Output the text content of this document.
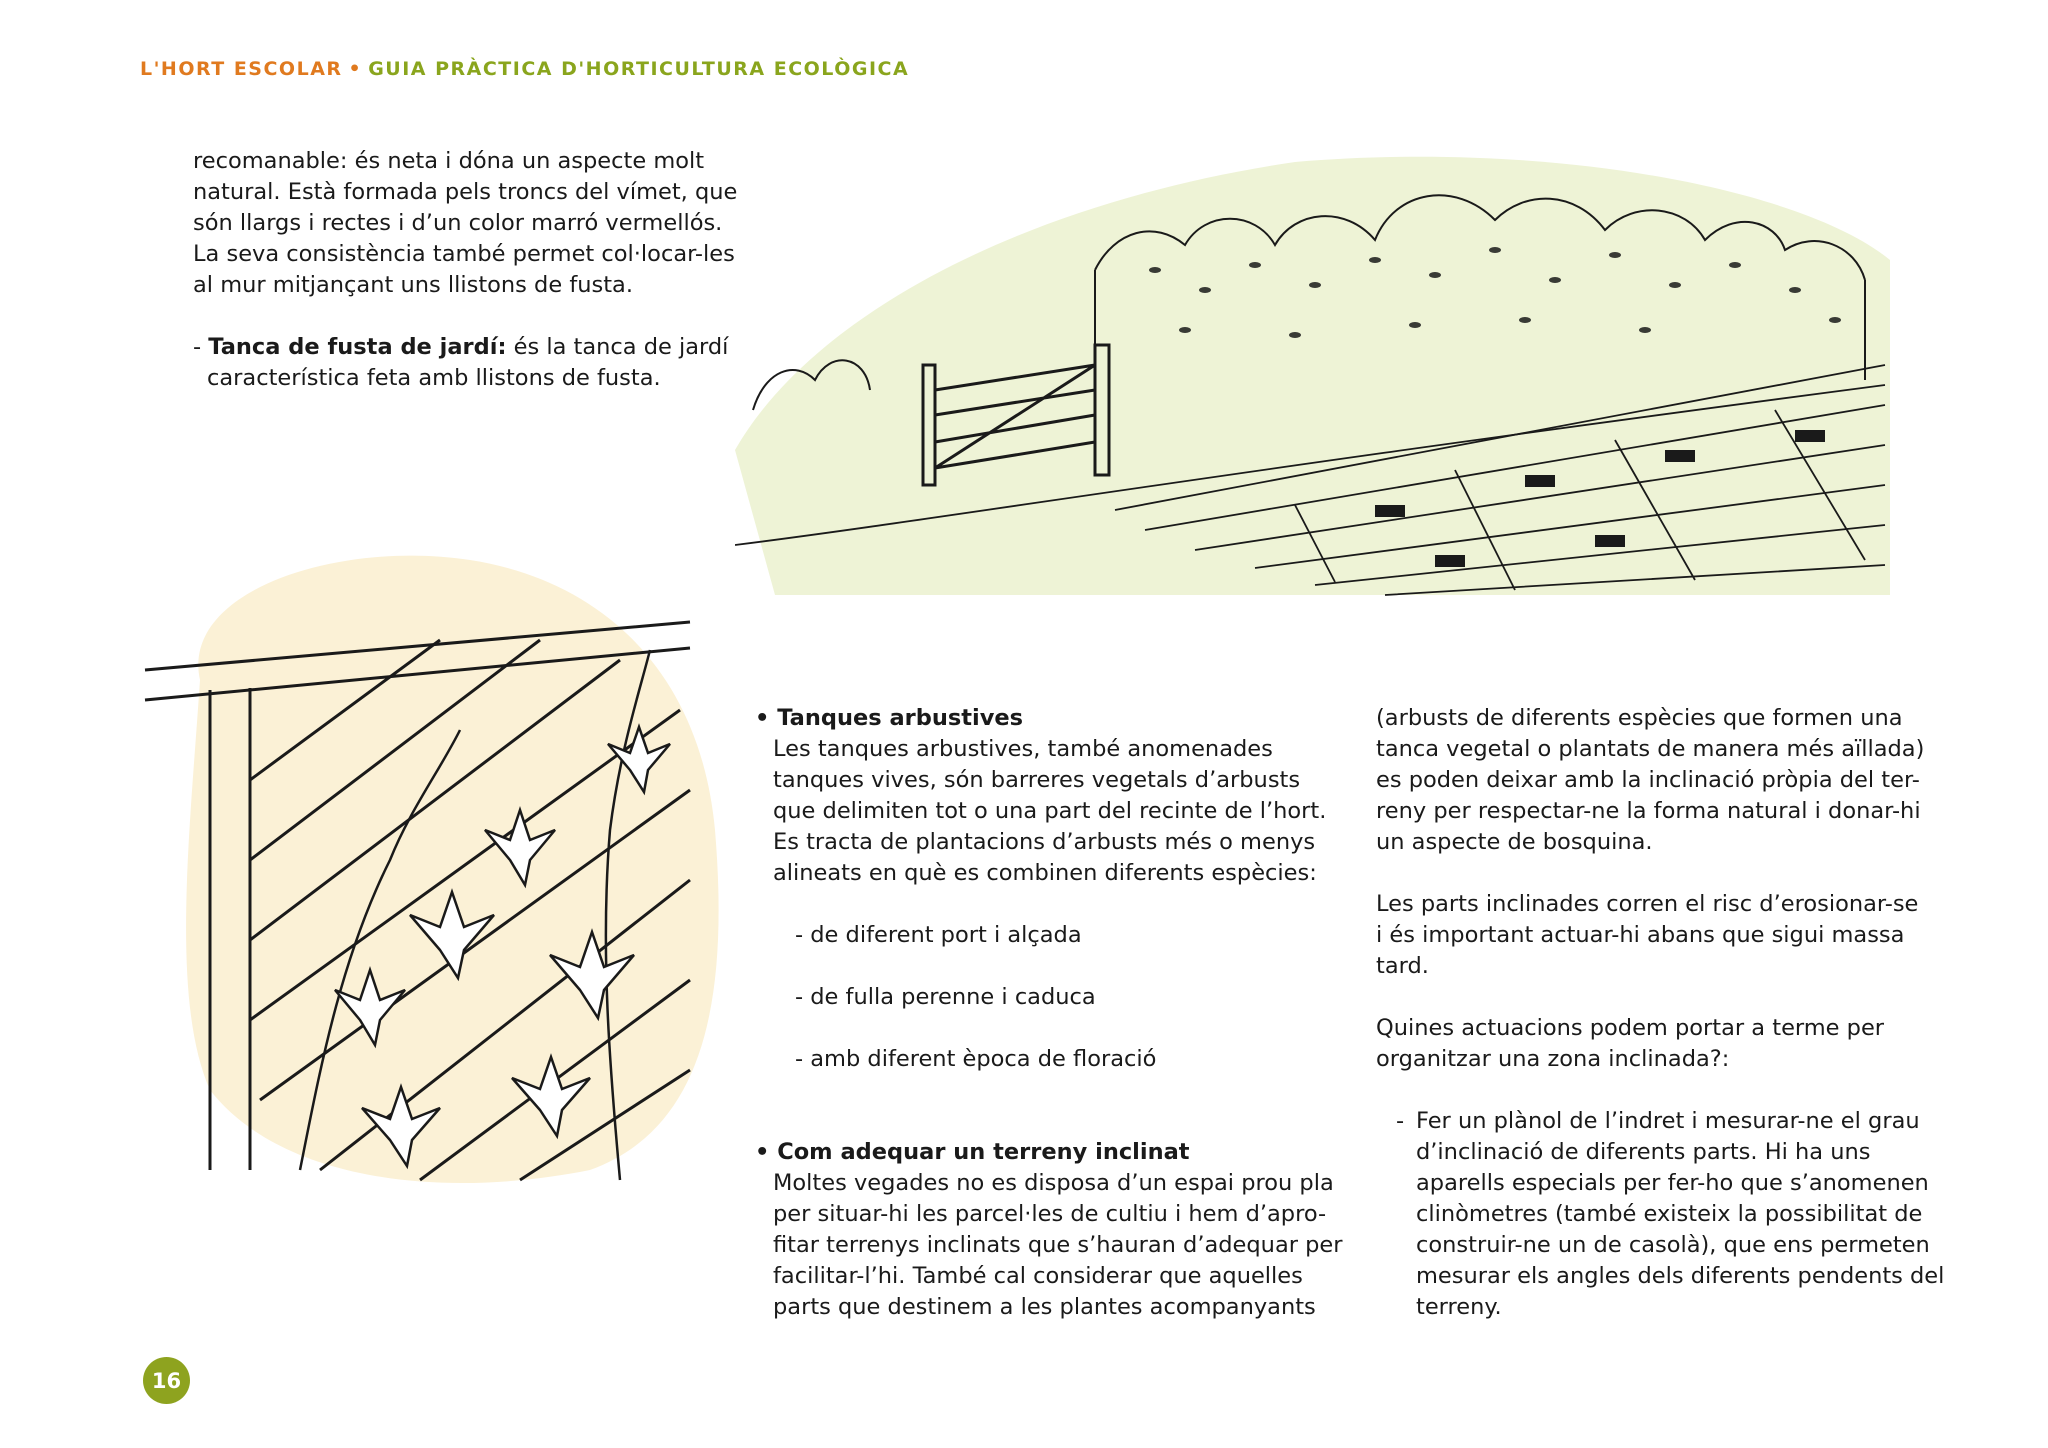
L'HORT ESCOLAR • GUIA PRÀCTICA D'HORTICULTURA ECOLÒGICA

recomanable: és neta i dóna un aspecte molt

natural. Està formada pels troncs del vímet, que

són llargs i rectes i d’un color marró vermellós.

La seva consistència també permet col·locar-les

al mur mitjançant uns llistons de fusta.

- Tanca de fusta de jardí: és la tanca de jardí

característica feta amb llistons de fusta.

• Tanques arbustives

Les tanques arbustives, també anomenades

tanques vives, són barreres vegetals d’arbusts

que delimiten tot o una part del recinte de l’hort.

Es tracta de plantacions d’arbusts més o menys

alineats en què es combinen diferents espècies:

- de diferent port i alçada

- de fulla perenne i caduca

- amb diferent època de floració

• Com adequar un terreny inclinat

Moltes vegades no es disposa d’un espai prou pla

per situar-hi les parcel·les de cultiu i hem d’apro-

fitar terrenys inclinats que s’hauran d’adequar per

facilitar-l’hi. També cal considerar que aquelles

parts que destinem a les plantes acompanyants

(arbusts de diferents espècies que formen una

tanca vegetal o plantats de manera més aïllada)

es poden deixar amb la inclinació pròpia del ter-

reny per respectar-ne la forma natural i donar-hi

un aspecte de bosquina.

Les parts inclinades corren el risc d’erosionar-se

i és important actuar-hi abans que sigui massa

tard.

Quines actuacions podem portar a terme per

organitzar una zona inclinada?:

- Fer un plànol de l’indret i mesurar-ne el grau

d’inclinació de diferents parts. Hi ha uns

aparells especials per fer-ho que s’anomenen

clinòmetres (també existeix la possibilitat de

construir-ne un de casolà), que ens permeten

mesurar els angles dels diferents pendents del

terreny.

16
